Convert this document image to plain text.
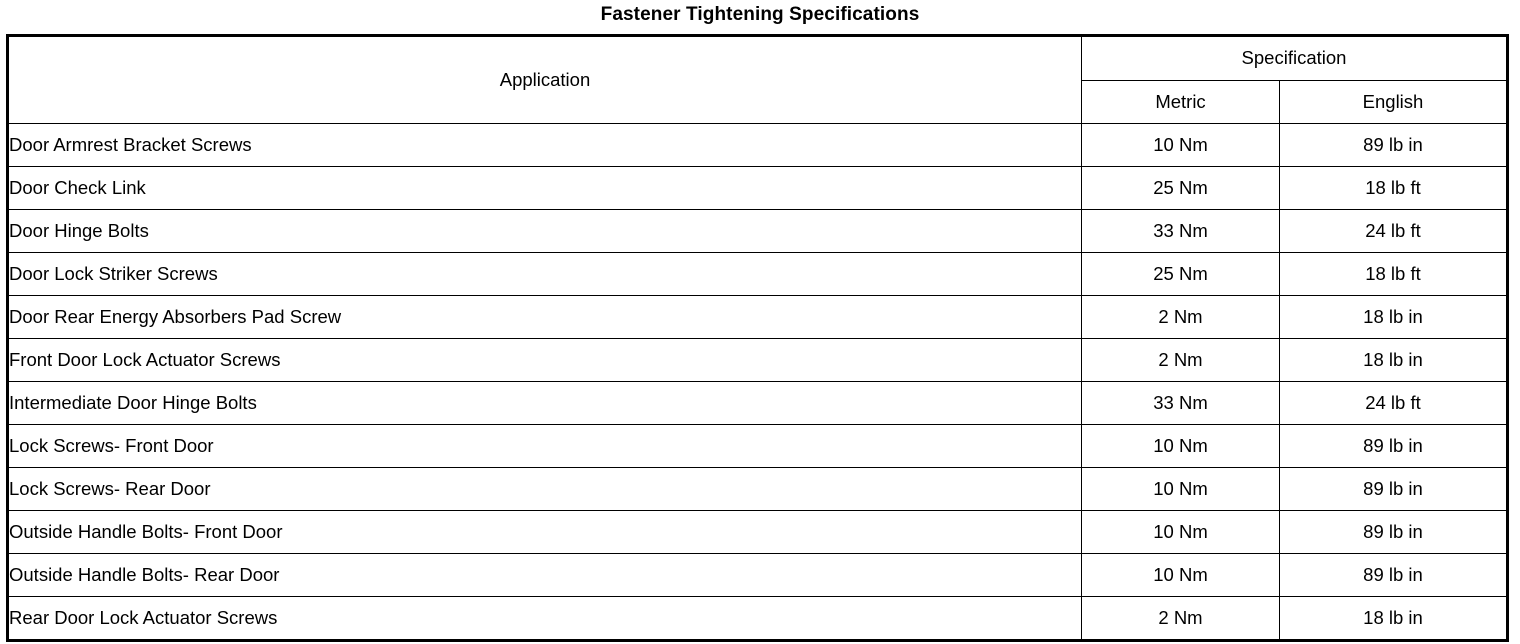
Fastener Tightening Specifications
Application	Specification	
	Metric	English
Door Armrest Bracket Screws	10 Nm	89 lb in
Door Check Link	25 Nm	18 lb ft
Door Hinge Bolts	33 Nm	24 lb ft
Door Lock Striker Screws	25 Nm	18 lb ft
Door Rear Energy Absorbers Pad Screw	2 Nm	18 lb in
Front Door Lock Actuator Screws	2 Nm	18 lb in
Intermediate Door Hinge Bolts	33 Nm	24 lb ft
Lock Screws- Front Door	10 Nm	89 lb in
Lock Screws- Rear Door	10 Nm	89 lb in
Outside Handle Bolts- Front Door	10 Nm	89 lb in
Outside Handle Bolts- Rear Door	10 Nm	89 lb in
Rear Door Lock Actuator Screws	2 Nm	18 lb in
